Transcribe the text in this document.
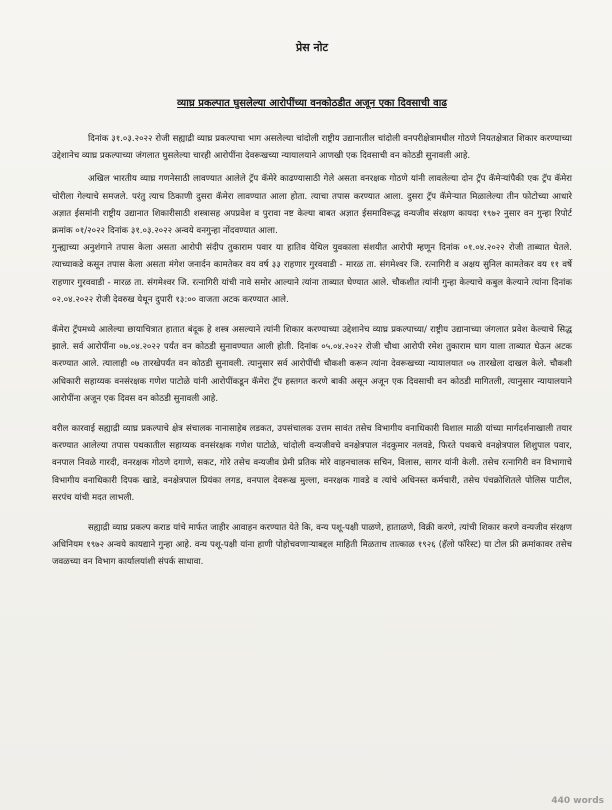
प्रेस नोट
व्याघ्र प्रकल्पात घुसलेल्या आरोपींच्या वनकोठडीत अजून एका दिवसाची वाढ

दिनांक ३१.०३.२०२२ रोजी सह्याद्री व्याघ्र प्रकल्पाचा भाग असलेल्या चांदोली राष्ट्रीय उद्यानातील चांदोली वनपरीक्षेत्रामधील गोठणे नियतक्षेत्रात शिकार करण्याच्या उद्देशानेच व्याघ्र प्रकल्पाच्या जंगलात घुसलेल्या चारही आरोपींना देवरूखच्या न्यायालयाने आणखी एक दिवसाची वन कोठडी सुनावली आहे.

अखिल भारतीय व्याघ्र गणनेसाठी लावण्यात आलेले ट्रॅप कॅमेरे काढण्यासाठी गेले असता वनरक्षक गोठणे यांनी लावलेल्या दोन ट्रॅप कॅमेऱ्यांपैकी एक ट्रॅप कॅमेरा चोरीला गेल्याचे समजले. परंतु त्याच ठिकाणी दुसरा कॅमेरा लावण्यात आला होता. त्याचा तपास करण्यात आला. दुसरा ट्रॅप कॅमेऱ्यात मिळालेल्या तीन फोटोच्या आधारे अज्ञात ईसमांनी राष्ट्रीय उद्यानात शिकारीसाठी शस्त्रासह अपप्रवेश व पुरावा नष्ट केल्या बाबत अज्ञात ईसमाविरूद्ध वन्यजीव संरक्षण कायदा १९७२ नुसार वन गुन्हा रिपोर्ट क्रमांक ०१/२०२२ दिनांक ३१.०३.२०२२ अन्वये वनगुन्हा नोंदवण्यात आला.

गुन्ह्याच्या अनुशंगाने तपास केला असता आरोपी संदीप तुकाराम पवार या हातिव येथिल युवकाला संशयीत आरोपी म्हणून दिनांक ०१.०४.२०२२ रोजी ताब्यात घेतले. त्याच्याकडे कसून तपास केला असता मंगेश जनार्दन कामतेकर वय वर्ष ३३ राहणार गुरववाडी - मारळ ता. संगमेश्वर जि. रत्नागिरी व अक्षय सुनिल कामतेकर वय ११ वर्षे राहणार गुरववाडी - मारळ ता. संगमेश्वर जि. रत्नागिरी यांची नावे समोर आल्याने त्यांना ताब्यात घेण्यात आले. चौकशीत त्यांनी गुन्हा केल्याचे कबुल केल्याने त्यांना दिनांक ०२.०४.२०२२ रोजी देवरुख येथून दुपारी १३:०० वाजता अटक करण्यात आले.

कॅमेरा ट्रॅपमध्ये आलेल्या छायाचित्रात हातात बंदूक हे शस्त्र असल्याने त्यांनी शिकार करण्याच्या उद्देशानेच व्याघ्र प्रकल्पाच्या/ राष्ट्रीय उद्यानाच्या जंगलात प्रवेश केल्याचे सिद्ध झाले. सर्व आरोपींना ०७.०४.२०२२ पर्यंत वन कोठडी सुनावण्यात आली होती. दिनांक ०५.०४.२०२२ रोजी चौथा आरोपी रमेश तुकाराम घाग याला ताब्यात घेऊन अटक करण्यात आले. त्यालाही ०७ तारखेपर्यंत वन कोठडी सुनावली. त्यानुसार सर्व आरोपींची चौकशी करून त्यांना देवरूखच्या न्यायालयात ०७ तारखेला दाखल केले. चौकशी अधिकारी सहाय्यक वनसंरक्षक गणेश पाटोळे यांनी आरोपींकडून कॅमेरा ट्रॅप हस्तगत करणे बाकी असून अजून एक दिवसाची वन कोठडी मागितली, त्यानुसार न्यायालयाने आरोपींना अजून एक दिवस वन कोठडी सुनावली आहे.

वरील कारवाई सह्याद्री व्याघ्र प्रकल्पाचे क्षेत्र संचालक नानासाहेब लडकत, उपसंचालक उत्तम सावंत तसेच विभागीय वनाधिकारी विशाल माळी यांच्या मार्गदर्शनाखाली तयार करण्यात आलेल्या तपास पथकातील सहाय्यक वनसंरक्षक गणेश पाटोळे, चांदोली वन्यजीवचे वनक्षेत्रपाल नंदकुमार नलवडे, फिरते पथकचे वनक्षेत्रपाल शिशुपाल पवार, वनपाल निवळे गारदी, वनरक्षक गोठणे दगाणे, सकट, गोरे तसेच वन्यजीव प्रेमी प्रतिक मोरे वाहनचालक सचिन, विलास, सागर यांनी केली. तसेच रत्नागिरी वन विभागाचे विभागीय वनाधिकारी दिपक खाडे, वनक्षेत्रपाल प्रियंका लगड, वनपाल देवरूख मुल्ला, वनरक्षक गावडे व त्यांचे अधिनस्त कर्मचारी, तसेच पंचक्रोशितले पोलिस पाटील, सरपंच यांची मदत लाभली.

सह्याद्री व्याघ्र प्रकल्प कराड यांचे मार्फत जाहीर आवाहन करण्यात येते कि, वन्य पशू-पक्षी पाळणे, हाताळणे, विक्री करणे, त्यांची शिकार करणे वन्यजीव संरक्षण अधिनियम १९७२ अन्वये कायद्याने गुन्हा आहे. वन्य पशू-पक्षी यांना हाणी पोहोचवणाऱ्याबद्दल माहिती मिळताच तात्काळ १९२६ (हॅलो फॉरेस्ट) या टोल फ्री क्रमांकावर तसेच जवळच्या वन विभाग कार्यालयांशी संपर्क साधावा.

440 words
